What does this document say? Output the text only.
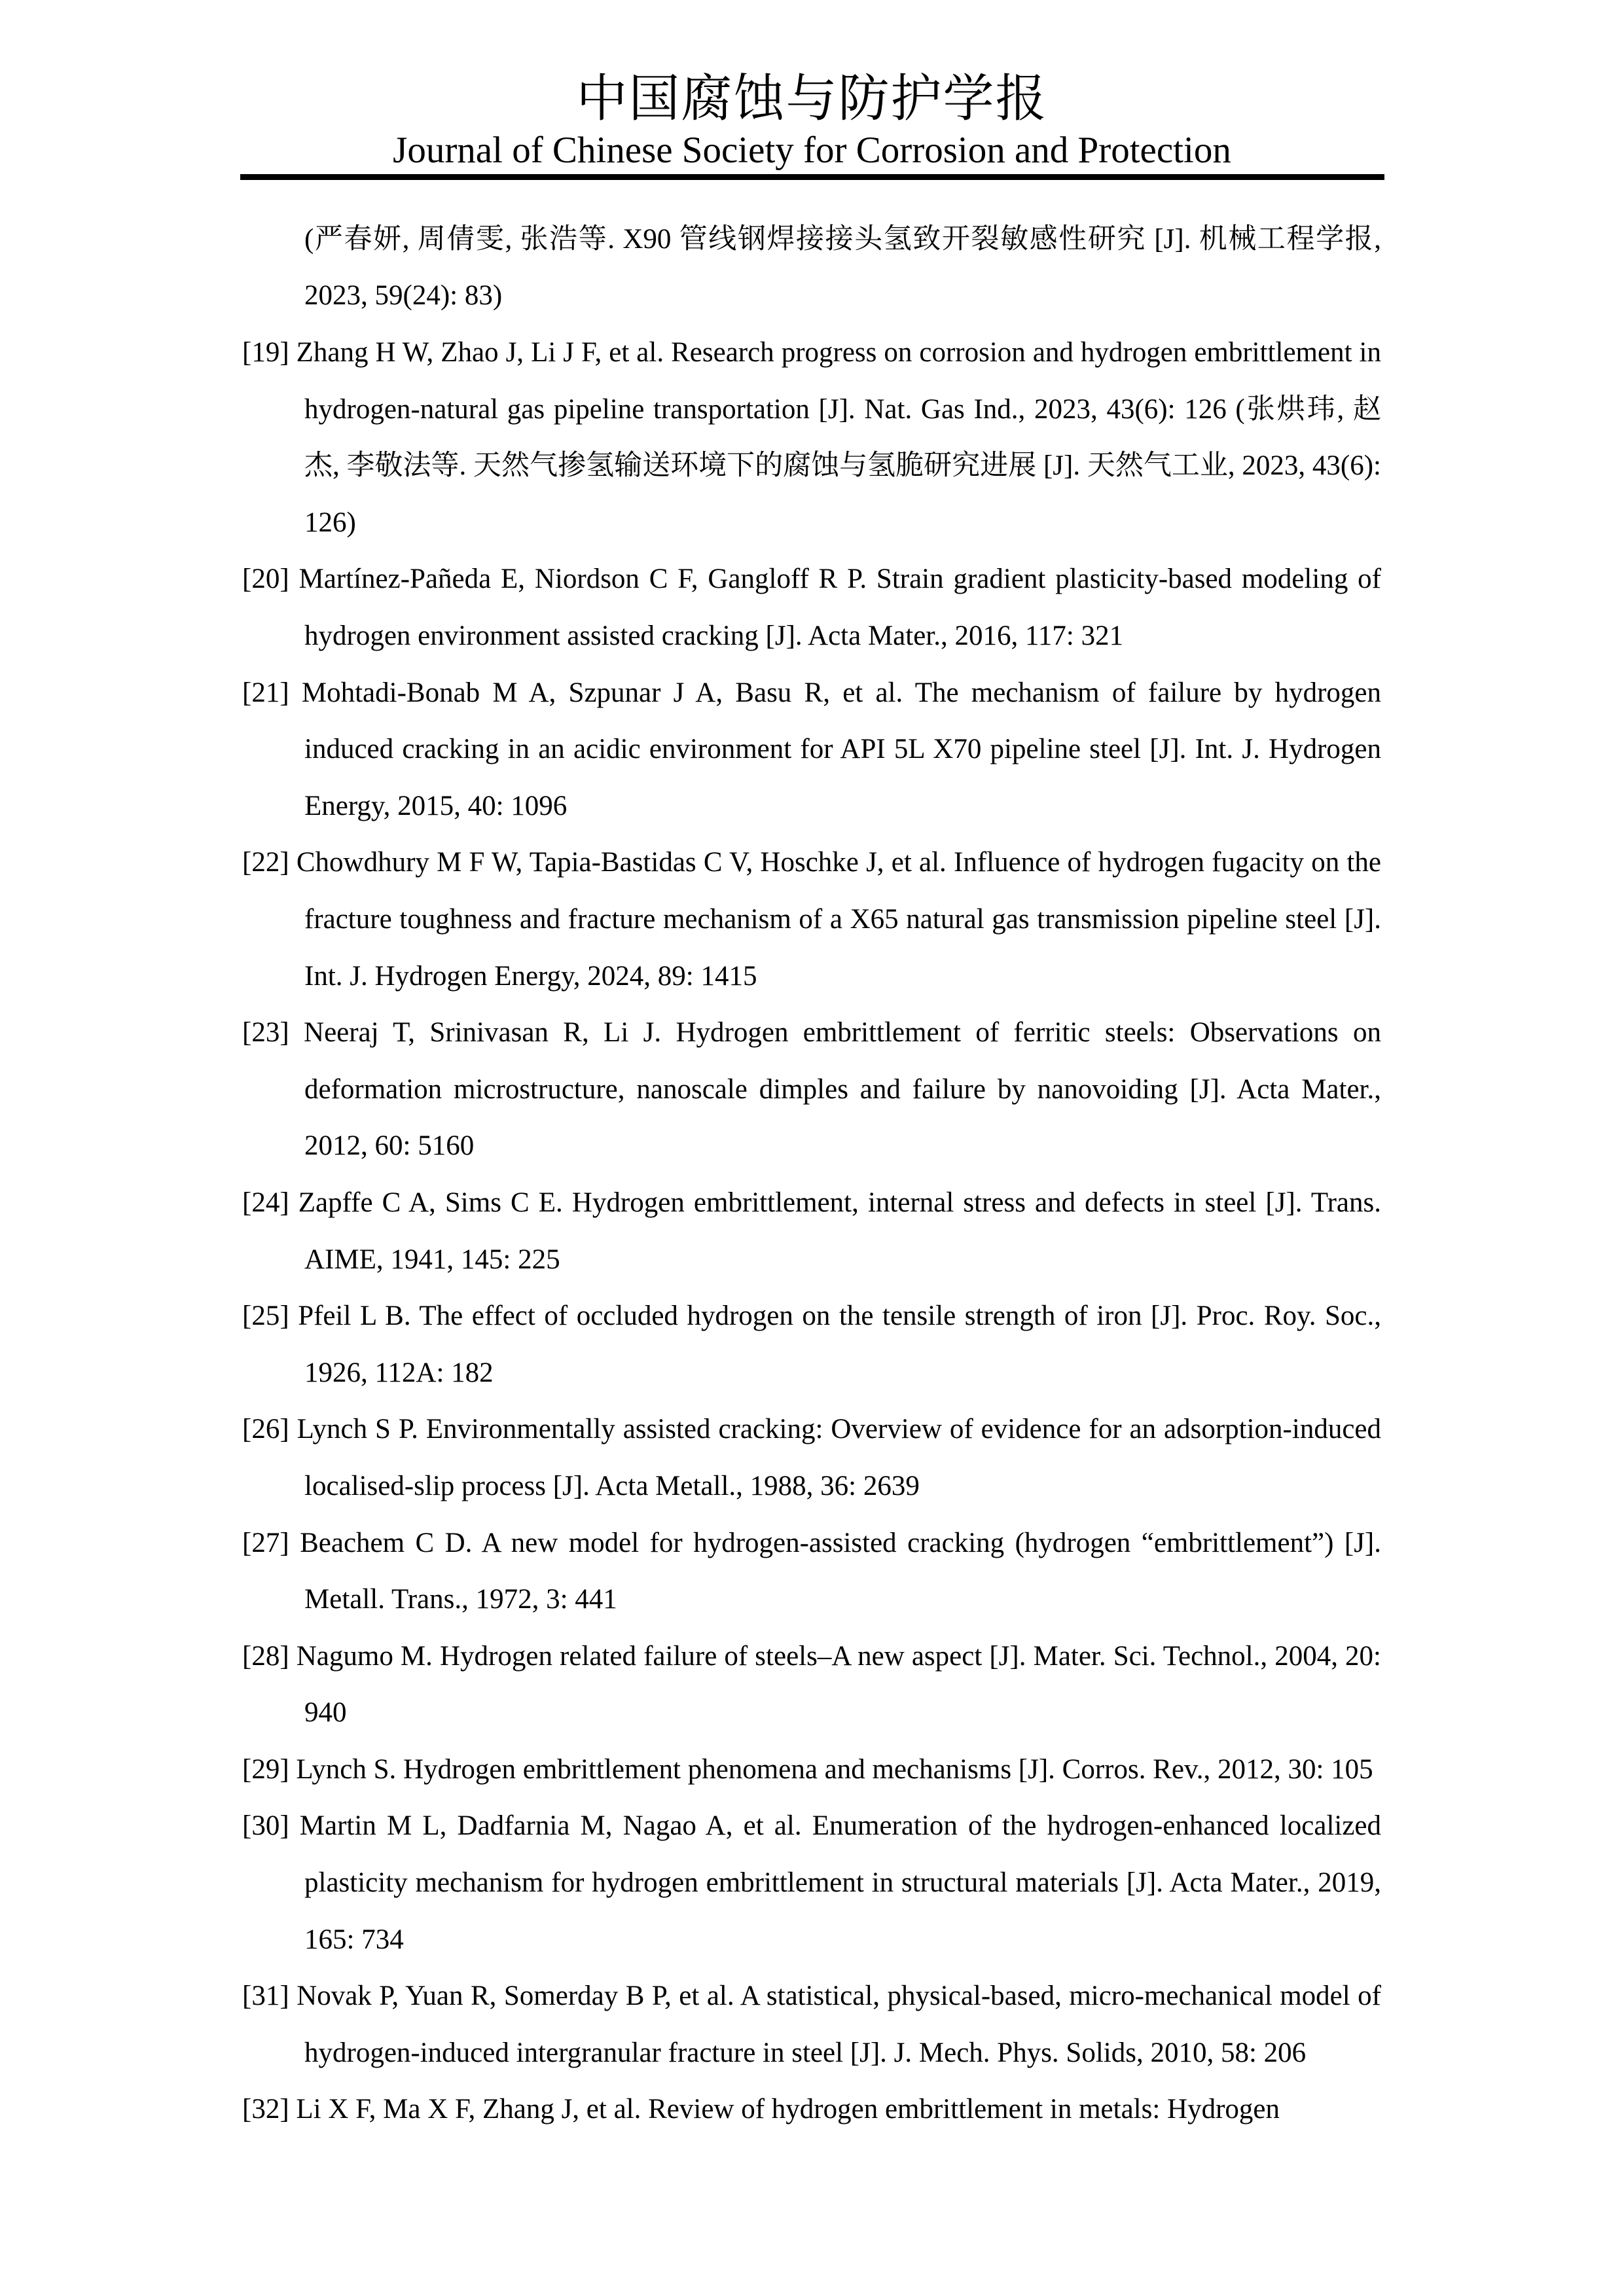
中国腐蚀与防护学报
Journal of Chinese Society for Corrosion and Protection

(严春妍, 周倩雯, 张浩等. X90 管线钢焊接接头氢致开裂敏感性研究 [J]. 机械工程学报, 2023, 59(24): 83)

[19] Zhang H W, Zhao J, Li J F, et al. Research progress on corrosion and hydrogen embrittlement in hydrogen-natural gas pipeline transportation [J]. Nat. Gas Ind., 2023, 43(6): 126 (张烘玮, 赵杰, 李敬法等. 天然气掺氢输送环境下的腐蚀与氢脆研究进展 [J]. 天然气工业, 2023, 43(6): 126)

[20] Martínez-Pañeda E, Niordson C F, Gangloff R P. Strain gradient plasticity-based modeling of hydrogen environment assisted cracking [J]. Acta Mater., 2016, 117: 321

[21] Mohtadi-Bonab M A, Szpunar J A, Basu R, et al. The mechanism of failure by hydrogen induced cracking in an acidic environment for API 5L X70 pipeline steel [J]. Int. J. Hydrogen Energy, 2015, 40: 1096

[22] Chowdhury M F W, Tapia-Bastidas C V, Hoschke J, et al. Influence of hydrogen fugacity on the fracture toughness and fracture mechanism of a X65 natural gas transmission pipeline steel [J]. Int. J. Hydrogen Energy, 2024, 89: 1415

[23] Neeraj T, Srinivasan R, Li J. Hydrogen embrittlement of ferritic steels: Observations on deformation microstructure, nanoscale dimples and failure by nanovoiding [J]. Acta Mater., 2012, 60: 5160

[24] Zapffe C A, Sims C E. Hydrogen embrittlement, internal stress and defects in steel [J]. Trans. AIME, 1941, 145: 225

[25] Pfeil L B. The effect of occluded hydrogen on the tensile strength of iron [J]. Proc. Roy. Soc., 1926, 112A: 182

[26] Lynch S P. Environmentally assisted cracking: Overview of evidence for an adsorption-induced localised-slip process [J]. Acta Metall., 1988, 36: 2639

[27] Beachem C D. A new model for hydrogen-assisted cracking (hydrogen “embrittlement”) [J]. Metall. Trans., 1972, 3: 441

[28] Nagumo M. Hydrogen related failure of steels–A new aspect [J]. Mater. Sci. Technol., 2004, 20: 940

[29] Lynch S. Hydrogen embrittlement phenomena and mechanisms [J]. Corros. Rev., 2012, 30: 105

[30] Martin M L, Dadfarnia M, Nagao A, et al. Enumeration of the hydrogen-enhanced localized plasticity mechanism for hydrogen embrittlement in structural materials [J]. Acta Mater., 2019, 165: 734

[31] Novak P, Yuan R, Somerday B P, et al. A statistical, physical-based, micro-mechanical model of hydrogen-induced intergranular fracture in steel [J]. J. Mech. Phys. Solids, 2010, 58: 206

[32] Li X F, Ma X F, Zhang J, et al. Review of hydrogen embrittlement in metals: Hydrogen
